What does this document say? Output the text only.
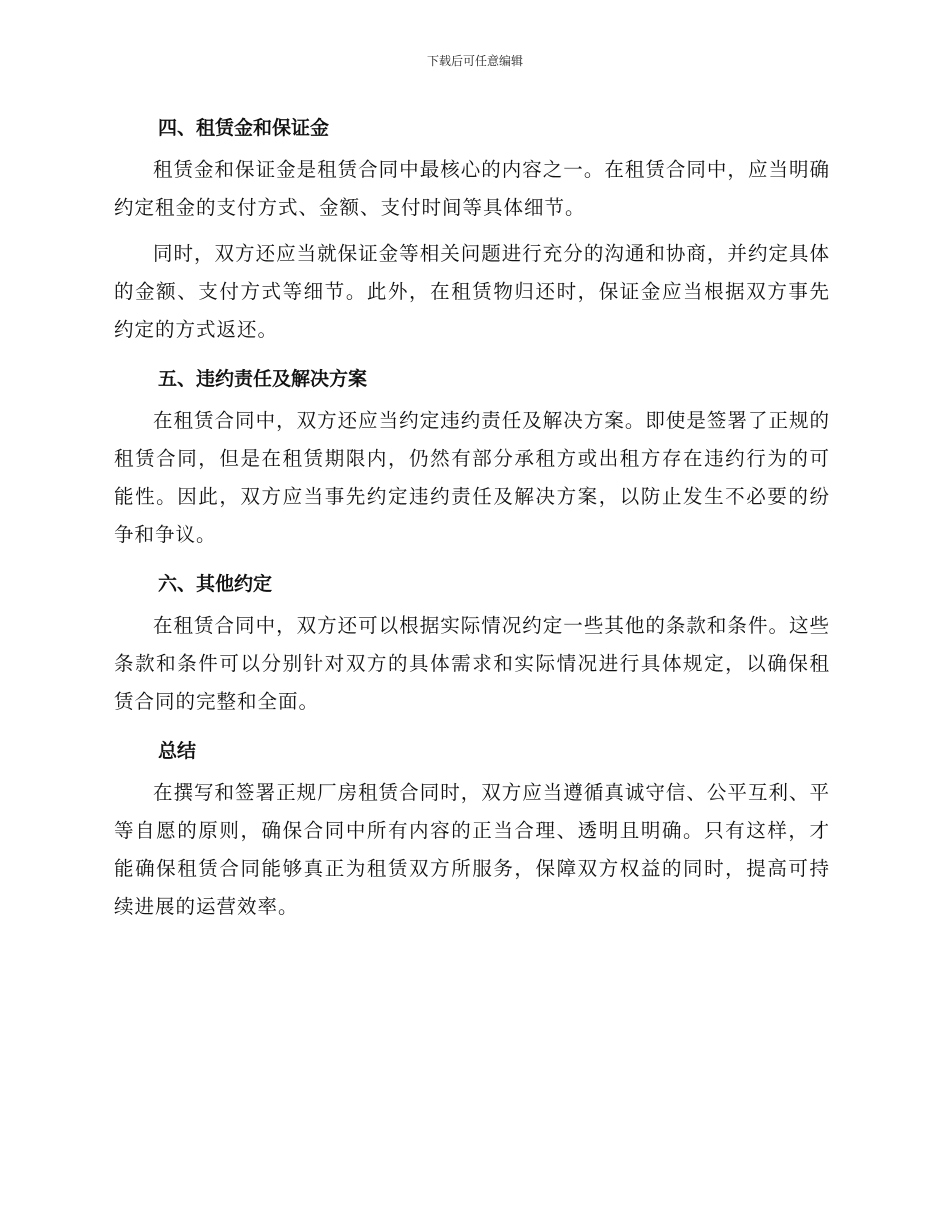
下载后可任意编辑
四、租赁金和保证金

租赁金和保证金是租赁合同中最核心的内容之一。在租赁合同中，应当明确约定租金的支付方式、金额、支付时间等具体细节。

同时，双方还应当就保证金等相关问题进行充分的沟通和协商，并约定具体的金额、支付方式等细节。此外，在租赁物归还时，保证金应当根据双方事先约定的方式返还。

五、违约责任及解决方案

在租赁合同中，双方还应当约定违约责任及解决方案。即使是签署了正规的租赁合同，但是在租赁期限内，仍然有部分承租方或出租方存在违约行为的可能性。因此，双方应当事先约定违约责任及解决方案，以防止发生不必要的纷争和争议。

六、其他约定

在租赁合同中，双方还可以根据实际情况约定一些其他的条款和条件。这些条款和条件可以分别针对双方的具体需求和实际情况进行具体规定，以确保租赁合同的完整和全面。

总结

在撰写和签署正规厂房租赁合同时，双方应当遵循真诚守信、公平互利、平等自愿的原则，确保合同中所有内容的正当合理、透明且明确。只有这样，才能确保租赁合同能够真正为租赁双方所服务，保障双方权益的同时，提高可持续进展的运营效率。
